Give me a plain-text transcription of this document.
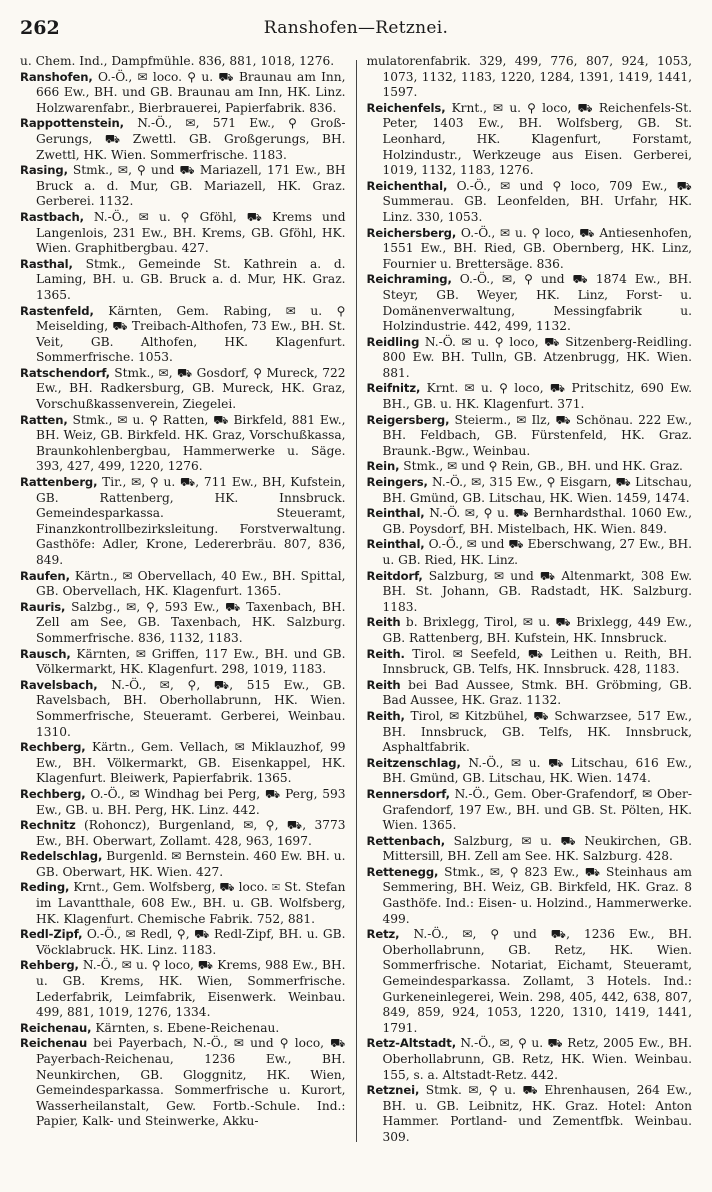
262	Ranshofen—Retznei.

u. Chem. Ind., Dampfmühle. 836, 881, 1018, 1276.

Ranshofen, O.-Ö., ✉ loco. ⚲ u. ⛟ Braunau am Inn, 666 Ew., BH. und GB. Braunau am Inn, HK. Linz. Holzwarenfabr., Bierbrauerei, Papierfabrik. 836.

Rappottenstein, N.-Ö., ✉, 571 Ew., ⚲ Groß-Gerungs, ⛟ Zwettl. GB. Großgerungs, BH. Zwettl, HK. Wien. Sommerfrische. 1183.

Rasing, Stmk., ✉, ⚲ und ⛟ Mariazell, 171 Ew., BH Bruck a. d. Mur, GB. Mariazell, HK. Graz. Gerberei. 1132.

Rastbach, N.-Ö., ✉ u. ⚲ Gföhl, ⛟ Krems und Langenlois, 231 Ew., BH. Krems, GB. Gföhl, HK. Wien. Graphitbergbau. 427.

Rasthal, Stmk., Gemeinde St. Kathrein a. d. Laming, BH. u. GB. Bruck a. d. Mur, HK. Graz. 1365.

Rastenfeld, Kärnten, Gem. Rabing, ✉ u. ⚲ Meiselding, ⛟ Treibach-Althofen, 73 Ew., BH. St. Veit, GB. Althofen, HK. Klagenfurt. Sommerfrische. 1053.

Ratschendorf, Stmk., ✉, ⛟ Gosdorf, ⚲ Mureck, 722 Ew., BH. Radkersburg, GB. Mureck, HK. Graz, Vorschußkassenverein, Ziegelei.

Ratten, Stmk., ✉ u. ⚲ Ratten, ⛟ Birkfeld, 881 Ew., BH. Weiz, GB. Birkfeld. HK. Graz, Vorschußkassa, Braunkohlenbergbau, Hammerwerke u. Säge. 393, 427, 499, 1220, 1276.

Rattenberg, Tir., ✉, ⚲ u. ⛟, 711 Ew., BH, Kufstein, GB. Rattenberg, HK. Innsbruck. Gemeindesparkassa. Steueramt, Finanzkontrollbezirksleitung. Forstverwaltung. Gasthöfe: Adler, Krone, Ledererbräu. 807, 836, 849.

Raufen, Kärtn., ✉ Obervellach, 40 Ew., BH. Spittal, GB. Obervellach, HK. Klagenfurt. 1365.

Rauris, Salzbg., ✉, ⚲, 593 Ew., ⛟ Taxenbach, BH. Zell am See, GB. Taxenbach, HK. Salzburg. Sommerfrische. 836, 1132, 1183.

Rausch, Kärnten, ✉ Griffen, 117 Ew., BH. und GB. Völkermarkt, HK. Klagenfurt. 298, 1019, 1183.

Ravelsbach, N.-Ö., ✉, ⚲, ⛟, 515 Ew., GB. Ravelsbach, BH. Oberhollabrunn, HK. Wien. Sommerfrische, Steueramt. Gerberei, Weinbau. 1310.

Rechberg, Kärtn., Gem. Vellach, ✉ Miklauzhof, 99 Ew., BH. Völkermarkt, GB. Eisenkappel, HK. Klagenfurt. Bleiwerk, Papierfabrik. 1365.

Rechberg, O.-Ö., ✉ Windhag bei Perg, ⛟ Perg, 593 Ew., GB. u. BH. Perg, HK. Linz. 442.

Rechnitz (Rohoncz), Burgenland, ✉, ⚲, ⛟, 3773 Ew., BH. Oberwart, Zollamt. 428, 963, 1697.

Redelschlag, Burgenld. ✉ Bernstein. 460 Ew. BH. u. GB. Oberwart, HK. Wien. 427.

Reding, Krnt., Gem. Wolfsberg, ⛟ loco. ✉ St. Stefan im Lavantthale, 608 Ew., BH. u. GB. Wolfsberg, HK. Klagenfurt. Chemische Fabrik. 752, 881.

Redl-Zipf, O.-Ö., ✉ Redl, ⚲, ⛟ Redl-Zipf, BH. u. GB. Vöcklabruck. HK. Linz. 1183.

Rehberg, N.-Ö., ✉ u. ⚲ loco, ⛟ Krems, 988 Ew., BH. u. GB. Krems, HK. Wien, Sommerfrische. Lederfabrik, Leimfabrik, Eisenwerk. Weinbau. 499, 881, 1019, 1276, 1334.

Reichenau, Kärnten, s. Ebene-Reichenau.

Reichenau bei Payerbach, N.-Ö., ✉ und ⚲ loco, ⛟ Payerbach-Reichenau, 1236 Ew., BH. Neunkirchen, GB. Gloggnitz, HK. Wien, Gemeindesparkassa. Sommerfrische u. Kurort, Wasserheilanstalt, Gew. Fortb.-Schule. Ind.: Papier, Kalk- und Steinwerke, Akku-

mulatorenfabrik. 329, 499, 776, 807, 924, 1053, 1073, 1132, 1183, 1220, 1284, 1391, 1419, 1441, 1597.

Reichenfels, Krnt., ✉ u. ⚲ loco, ⛟ Reichenfels-St. Peter, 1403 Ew., BH. Wolfsberg, GB. St. Leonhard, HK. Klagenfurt, Forstamt, Holzindustr., Werkzeuge aus Eisen. Gerberei, 1019, 1132, 1183, 1276.

Reichenthal, O.-Ö., ✉ und ⚲ loco, 709 Ew., ⛟ Summerau. GB. Leonfelden, BH. Urfahr, HK. Linz. 330, 1053.

Reichersberg, O.-Ö., ✉ u. ⚲ loco, ⛟ Antiesenhofen, 1551 Ew., BH. Ried, GB. Obernberg, HK. Linz, Fournier u. Brettersäge. 836.

Reichraming, O.-Ö., ✉, ⚲ und ⛟ 1874 Ew., BH. Steyr, GB. Weyer, HK. Linz, Forst- u. Domänenverwaltung, Messingfabrik u. Holzindustrie. 442, 499, 1132.

Reidling N.-Ö. ✉ u. ⚲ loco, ⛟ Sitzenberg-Reidling. 800 Ew. BH. Tulln, GB. Atzenbrugg, HK. Wien. 881.

Reifnitz, Krnt. ✉ u. ⚲ loco, ⛟ Pritschitz, 690 Ew. BH., GB. u. HK. Klagenfurt. 371.

Reigersberg, Steierm., ✉ Ilz, ⛟ Schönau. 222 Ew., BH. Feldbach, GB. Fürstenfeld, HK. Graz. Braunk.-Bgw., Weinbau.

Rein, Stmk., ✉ und ⚲ Rein, GB., BH. und HK. Graz.

Reingers, N.-Ö., ✉, 315 Ew., ⚲ Eisgarn, ⛟ Litschau, BH. Gmünd, GB. Litschau, HK. Wien. 1459, 1474.

Reinthal, N.-Ö. ✉, ⚲ u. ⛟ Bernhardsthal. 1060 Ew., GB. Poysdorf, BH. Mistelbach, HK. Wien. 849.

Reinthal, O.-Ö., ✉ und ⛟ Eberschwang, 27 Ew., BH. u. GB. Ried, HK. Linz.

Reitdorf, Salzburg, ✉ und ⛟ Altenmarkt, 308 Ew. BH. St. Johann, GB. Radstadt, HK. Salzburg. 1183.

Reith b. Brixlegg, Tirol, ✉ u. ⛟ Brixlegg, 449 Ew., GB. Rattenberg, BH. Kufstein, HK. Innsbruck.

Reith. Tirol. ✉ Seefeld, ⛟ Leithen u. Reith, BH. Innsbruck, GB. Telfs, HK. Innsbruck. 428, 1183.

Reith bei Bad Aussee, Stmk. BH. Gröbming, GB. Bad Aussee, HK. Graz. 1132.

Reith, Tirol, ✉ Kitzbühel, ⛟ Schwarzsee, 517 Ew., BH. Innsbruck, GB. Telfs, HK. Innsbruck, Asphaltfabrik.

Reitzenschlag, N.-Ö., ✉ u. ⛟ Litschau, 616 Ew., BH. Gmünd, GB. Litschau, HK. Wien. 1474.

Rennersdorf, N.-Ö., Gem. Ober-Grafendorf, ✉ Ober-Grafendorf, 197 Ew., BH. und GB. St. Pölten, HK. Wien. 1365.

Rettenbach, Salzburg, ✉ u. ⛟ Neukirchen, GB. Mittersill, BH. Zell am See. HK. Salzburg. 428.

Rettenegg, Stmk., ✉, ⚲ 823 Ew., ⛟ Steinhaus am Semmering, BH. Weiz, GB. Birkfeld, HK. Graz. 8 Gasthöfe. Ind.: Eisen- u. Holzind., Hammerwerke. 499.

Retz, N.-Ö., ✉, ⚲ und ⛟, 1236 Ew., BH. Oberhollabrunn, GB. Retz, HK. Wien. Sommerfrische. Notariat, Eichamt, Steueramt, Gemeindesparkassa. Zollamt, 3 Hotels. Ind.: Gurkeneinlegerei, Wein. 298, 405, 442, 638, 807, 849, 859, 924, 1053, 1220, 1310, 1419, 1441, 1791.

Retz-Altstadt, N.-Ö., ✉, ⚲ u. ⛟ Retz, 2005 Ew., BH. Oberhollabrunn, GB. Retz, HK. Wien. Weinbau. 155, s. a. Altstadt-Retz. 442.

Retznei, Stmk. ✉, ⚲ u. ⛟ Ehrenhausen, 264 Ew., BH. u. GB. Leibnitz, HK. Graz. Hotel: Anton Hammer. Portland- und Zementfbk. Weinbau. 309.
